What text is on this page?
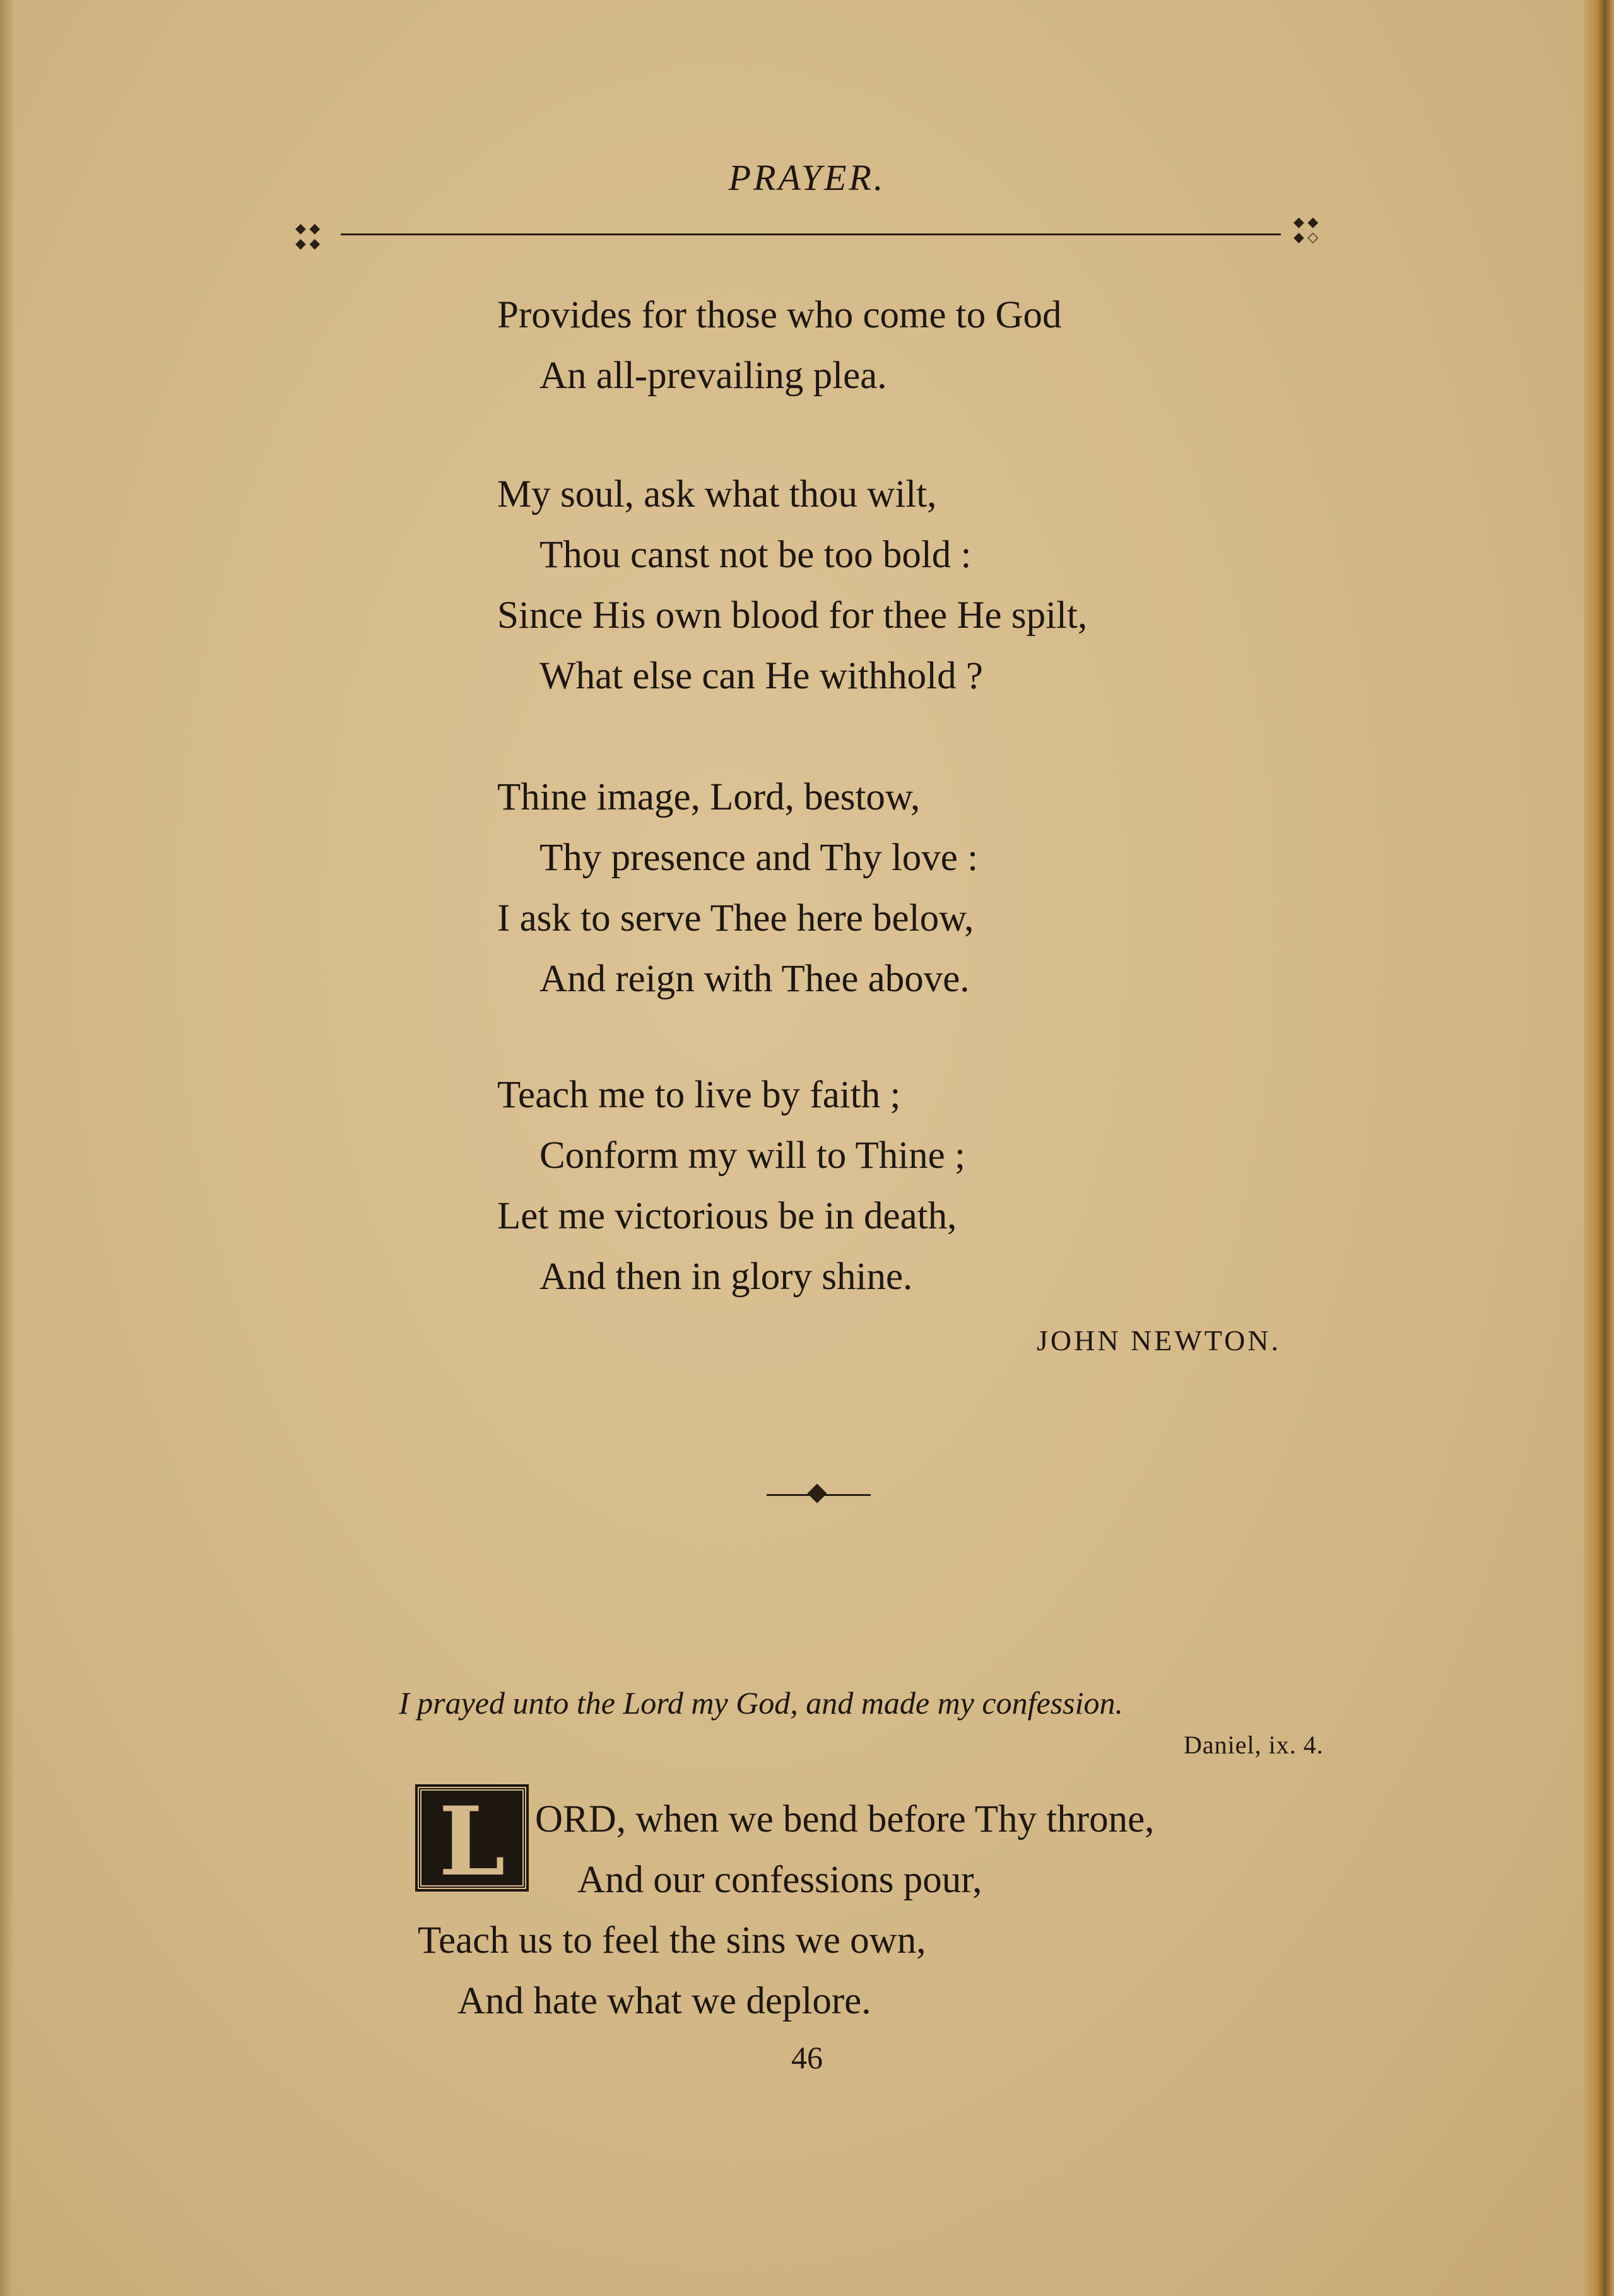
PRAYER.
◆ ◆ ◆ ◆
◆ ◆ ◆ ◇
Provides for those who come to God
An all-prevailing plea.
My soul, ask what thou wilt,
Thou canst not be too bold :
Since His own blood for thee He spilt,
What else can He withhold ?
Thine image, Lord, bestow,
Thy presence and Thy love :
I ask to serve Thee here below,
And reign with Thee above.
Teach me to live by faith ;
Conform my will to Thine ;
Let me victorious be in death,
And then in glory shine.
JOHN NEWTON.
I prayed unto the Lord my God, and made my confession.
Daniel, ix. 4.
L ORD, when we bend before Thy throne,
And our confessions pour,
Teach us to feel the sins we own,
And hate what we deplore.
46
